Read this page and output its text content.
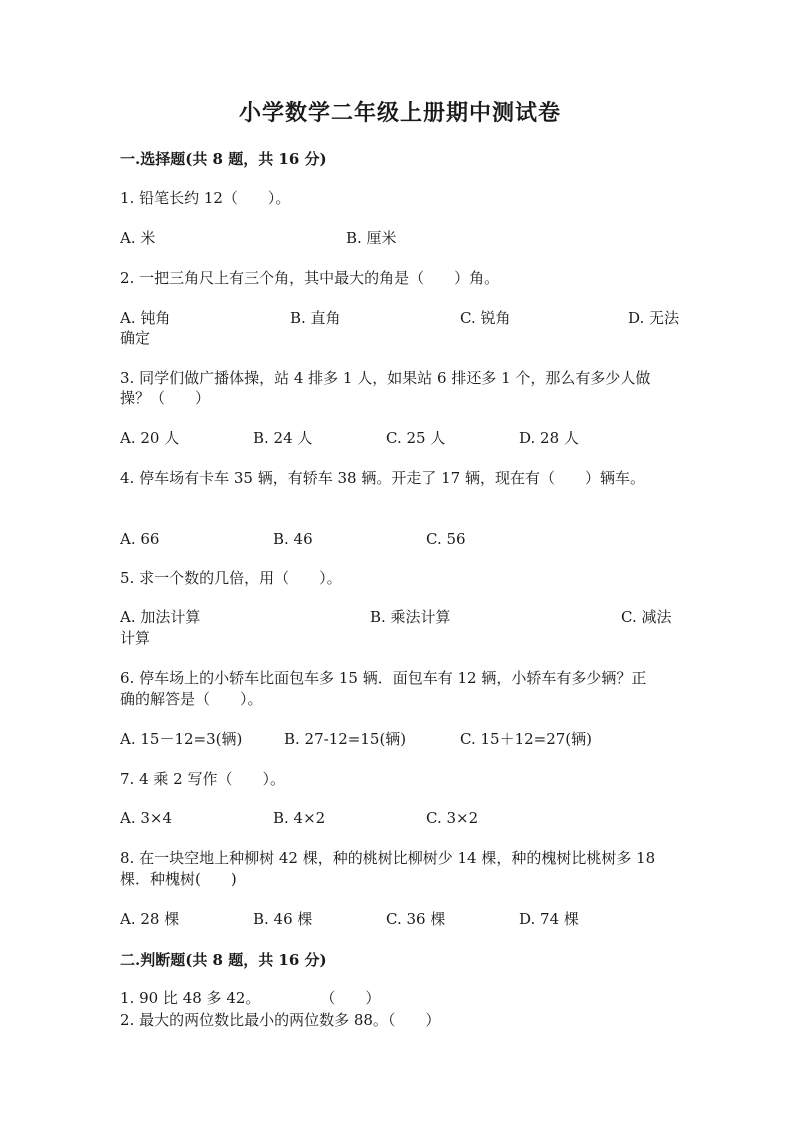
小学数学二年级上册期中测试卷
一.选择题(共 8 题，共 16 分)
1. 铅笔长约 12（　　）。
A. 米	B. 厘米
2. 一把三角尺上有三个角，其中最大的角是（　　）角。
A. 钝角	B. 直角	C. 锐角	D. 无法
确定
3. 同学们做广播体操，站 4 排多 1 人，如果站 6 排还多 1 个，那么有多少人做
操？（　　）
A. 20 人	B. 24 人	C. 25 人	D. 28 人
4. 停车场有卡车 35 辆，有轿车 38 辆。开走了 17 辆，现在有（　　）辆车。
A. 66	B. 46	C. 56
5. 求一个数的几倍，用（　　）。
A. 加法计算	B. 乘法计算	C. 减法
计算
6. 停车场上的小轿车比面包车多 15 辆．面包车有 12 辆，小轿车有多少辆？正
确的解答是（　　）。
A. 15－12=3(辆)	B. 27-12=15(辆)	C. 15＋12=27(辆)
7. 4 乘 2 写作（　　）。
A. 3×4	B. 4×2	C. 3×2
8. 在一块空地上种柳树 42 棵，种的桃树比柳树少 14 棵，种的槐树比桃树多 18
棵．种槐树(　　)
A. 28 棵	B. 46 棵	C. 36 棵	D. 74 棵
二.判断题(共 8 题，共 16 分)
1. 90 比 48 多 42。　　　　　（　　）
2. 最大的两位数比最小的两位数多 88。（　　）
